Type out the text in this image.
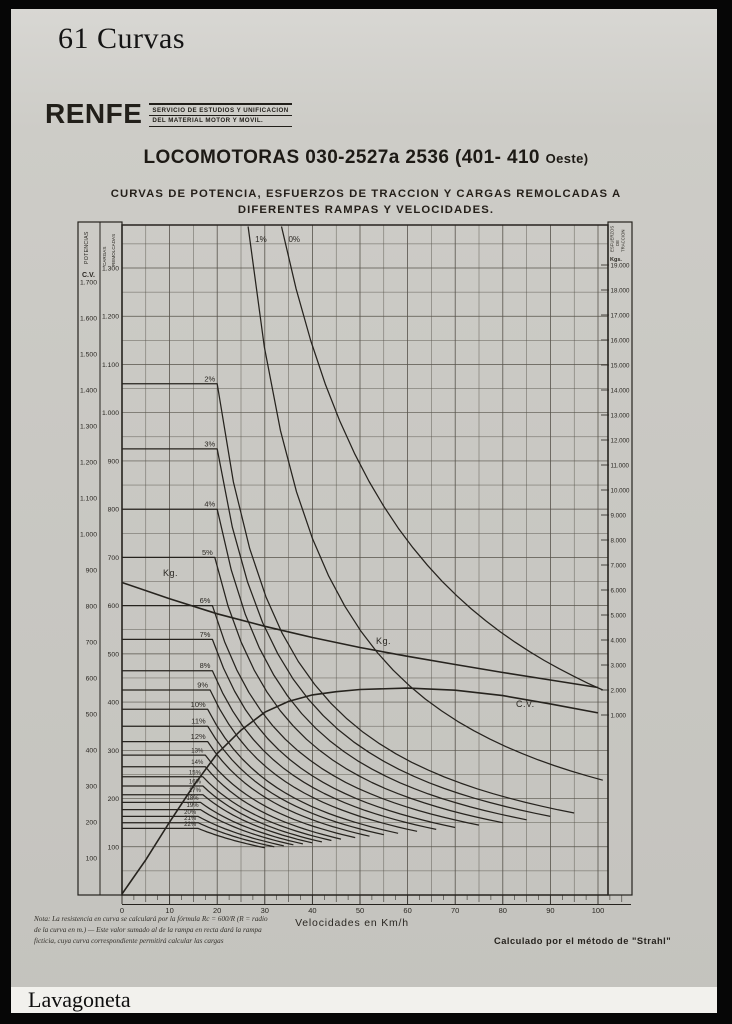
61 Curvas
RENFE	SERVICIO DE ESTUDIOS Y UNIFICACION
DEL MATERIAL MOTOR Y MOVIL.
LOCOMOTORAS 030-2527a 2536 (401- 410 Oeste)
CURVAS DE POTENCIA, ESFUERZOS DE TRACCION Y CARGAS REMOLCADAS A
DIFERENTES RAMPAS Y VELOCIDADES.
POTENCIAS
C.V.
CARGAS REMOLCADAS	ESFUERZOS DE TRACCION
Kgs.
1.700
1.600
1.500
1.400
1.300
1.200
1.100
1.000
900
800
700
600
500
400
300
200
100
1.300
1.200
1.100
1.000
900
800
700
600
500
400
300
200
100
19.000
18.000
17.000
16.000
15.000
14.000
13.000
12.000
11.000
10.000
9.000
8.000
7.000
6.000
5.000
4.000
3.000
2.000
1.000
0	10	20	30	40	50	60	70	80	90	100
Velocidades en Km/h
0%
1%
2%
3%
4%
5%
6%
7%
8%
9%
10%
11%
12%
13%
14%
15%
16%
17%
18%
19%
20%
21%
22%
Kg.
Kg.
C.V.
Nota: La resistencia en curva se calculará por la fórmula Rc = 600/R (R = radio
de la curva en m.) — Este valor sumado al de la rampa en recta dará la rampa
ficticia, cuya curva correspondiente permitirá calcular las cargas	Calculado por el método de "Strahl"
Lavagoneta
